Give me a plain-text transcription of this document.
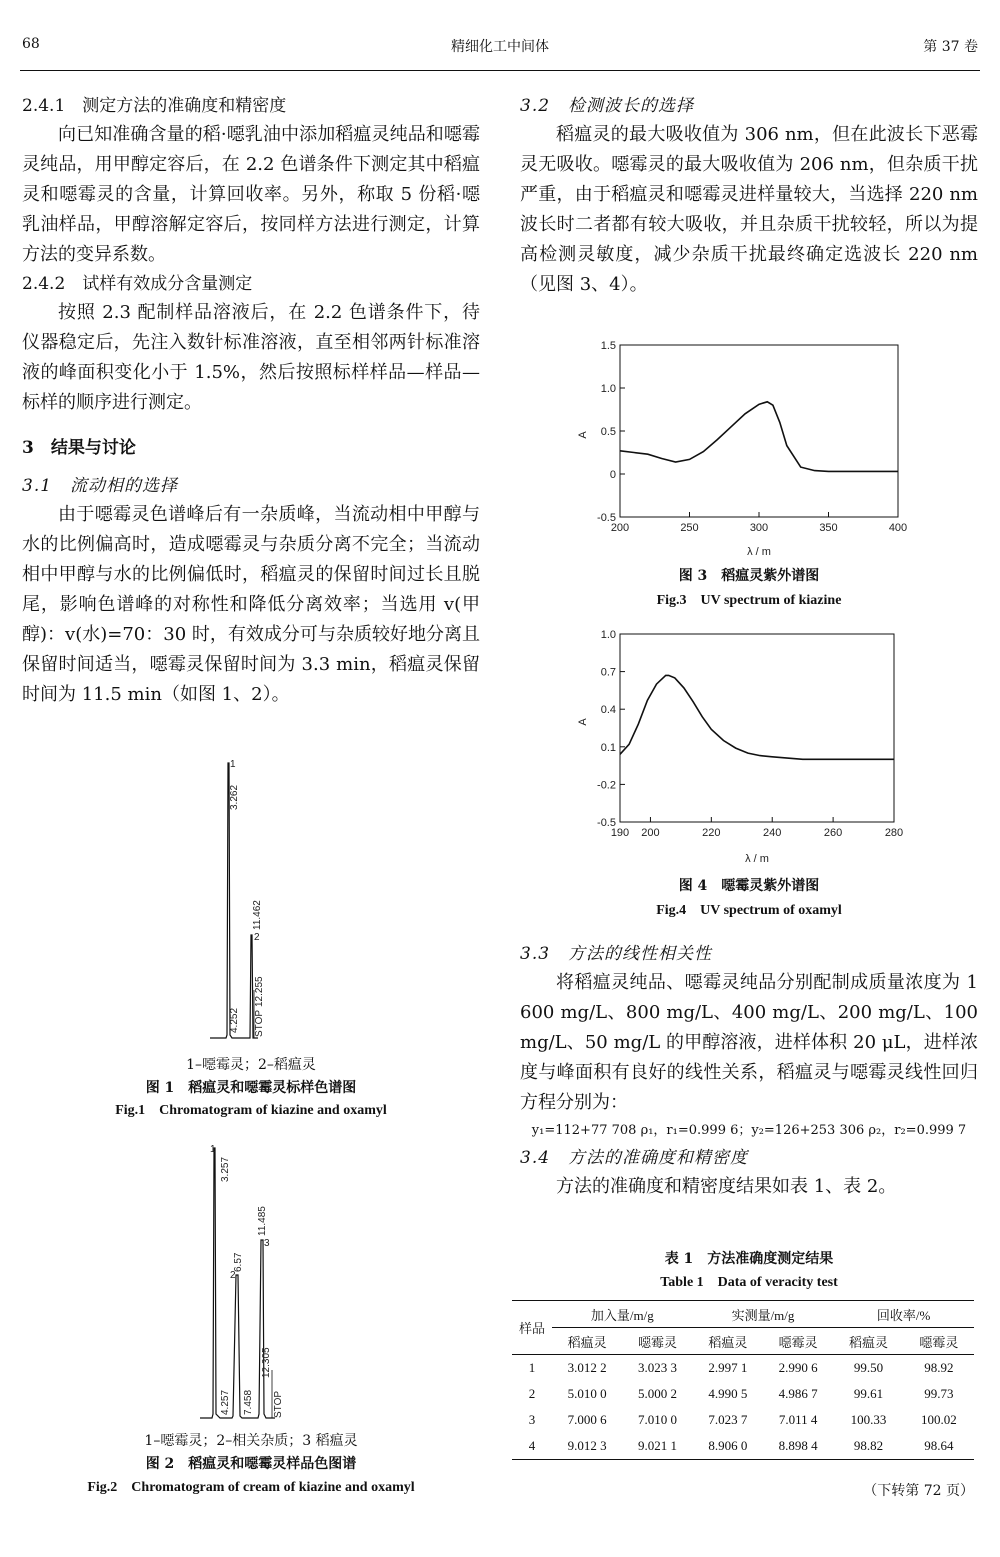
68	精细化工中间体	第 37 卷
2.4.1　测定方法的准确度和精密度
向已知准确含量的稻·噁乳油中添加稻瘟灵纯品和噁霉灵纯品，用甲醇定容后，在 2.2 色谱条件下测定其中稻瘟灵和噁霉灵的含量，计算回收率。另外，称取 5 份稻·噁乳油样品，甲醇溶解定容后，按同样方法进行测定，计算方法的变异系数。
2.4.2　试样有效成分含量测定
按照 2.3 配制样品溶液后，在 2.2 色谱条件下，待仪器稳定后，先注入数针标准溶液，直至相邻两针标准溶液的峰面积变化小于 1.5%，然后按照标样样品—样品—标样的顺序进行测定。
3　结果与讨论
3.1　流动相的选择
由于噁霉灵色谱峰后有一杂质峰，当流动相中甲醇与水的比例偏高时，造成噁霉灵与杂质分离不完全；当流动相中甲醇与水的比例偏低时，稻瘟灵的保留时间过长且脱尾，影响色谱峰的对称性和降低分离效率；当选用 v(甲醇)：v(水)=70：30 时，有效成分可与杂质较好地分离且保留时间适当，噁霉灵保留时间为 3.3 min，稻瘟灵保留时间为 11.5 min（如图 1、2）。
1
3.262
2
11.462
4.252 STOP
12.255
1–噁霉灵；2–稻瘟灵
图 1　稻瘟灵和噁霉灵标样色谱图
Fig.1　Chromatogram of kiazine and oxamyl
1
3.257
2
6.57
3
11.485
4.257 7.458
12.305
STOP
1–噁霉灵；2–相关杂质；3 稻瘟灵
图 2　稻瘟灵和噁霉灵样品色图谱
Fig.2　Chromatogram of cream of kiazine and oxamyl
3.2　检测波长的选择
稻瘟灵的最大吸收值为 306 nm，但在此波长下恶霉灵无吸收。噁霉灵的最大吸收值为 206 nm，但杂质干扰严重，由于稻瘟灵和噁霉灵进样量较大，当选择 220 nm 波长时二者都有较大吸收，并且杂质干扰较轻，所以为提高检测灵敏度，减少杂质干扰最终确定选波长 220 nm（见图 3、4）。
-0.5
0
0.5
1.0
1.5
200	250	300	350	400
A
λ / m
图 3　稻瘟灵紫外谱图
Fig.3　UV spectrum of kiazine
-0.5
-0.2
0.1
0.4
0.7
1.0
190 200	220	240	260	280
A
λ / m
图 4　噁霉灵紫外谱图
Fig.4　UV spectrum of oxamyl
3.3　方法的线性相关性
将稻瘟灵纯品、噁霉灵纯品分别配制成质量浓度为 1 600 mg/L、800 mg/L、400 mg/L、200 mg/L、100 mg/L、50 mg/L 的甲醇溶液，进样体积 20 μL，进样浓度与峰面积有良好的线性关系，稻瘟灵与噁霉灵线性回归方程分别为：
y₁=112+77 708 ρ₁，r₁=0.999 6；y₂=126+253 306 ρ₂，r₂=0.999 7
3.4　方法的准确度和精密度
方法的准确度和精密度结果如表 1、表 2。
表 1　方法准确度测定结果
Table 1　Data of veracity test
样品	加入量/m/g		实测量/m/g		回收率/%	
	稻瘟灵	噁霉灵	稻瘟灵	噁霉灵	稻瘟灵	噁霉灵
1	3.012 2	3.023 3	2.997 1	2.990 6	99.50	98.92
2	5.010 0	5.000 2	4.990 5	4.986 7	99.61	99.73
3	7.000 6	7.010 0	7.023 7	7.011 4	100.33	100.02
4	9.012 3	9.021 1	8.906 0	8.898 4	98.82	98.64
（下转第 72 页）
